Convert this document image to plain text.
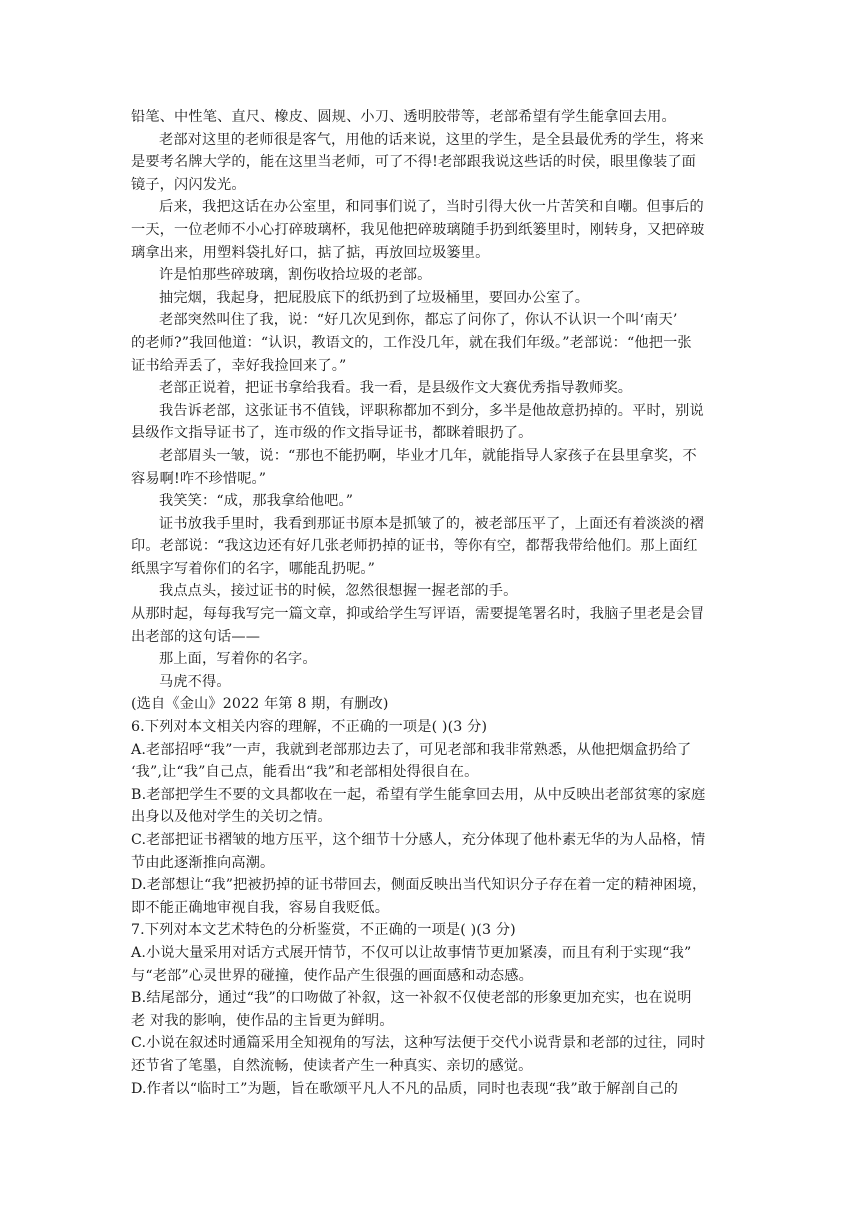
铅笔、中性笔、直尺、橡皮、圆规、小刀、透明胶带等，老部希望有学生能拿回去用。
老部对这里的老师很是客气，用他的话来说，这里的学生，是全县最优秀的学生，将来
是要考名牌大学的，能在这里当老师，可了不得!老部跟我说这些话的时侯，眼里像装了面
镜子，闪闪发光。
后来，我把这话在办公室里，和同事们说了，当时引得大伙一片苦笑和自嘲。但事后的
一天，一位老师不小心打碎玻璃杯，我见他把碎玻璃随手扔到纸篓里时，刚转身，又把碎玻
璃拿出来，用塑料袋扎好口，掂了掂，再放回垃圾篓里。
许是怕那些碎玻璃，割伤收拾垃圾的老部。
抽完烟，我起身，把屁股底下的纸扔到了垃圾桶里，要回办公室了。
老部突然叫住了我，说：“好几次见到你，都忘了问你了，你认不认识一个叫‘南天’
的老师?”我回他道：“认识，教语文的，工作没几年，就在我们年级。”老部说：“他把一张
证书给弄丢了，幸好我捡回来了。”
老部正说着，把证书拿给我看。我一看，是县级作文大赛优秀指导教师奖。
我告诉老部，这张证书不值钱，评职称都加不到分，多半是他故意扔掉的。平时，别说
县级作文指导证书了，连市级的作文指导证书，都眯着眼扔了。
老部眉头一皱，说：“那也不能扔啊，毕业才几年，就能指导人家孩子在县里拿奖，不
容易啊!咋不珍惜呢。”
我笑笑：“成，那我拿给他吧。”
证书放我手里时，我看到那证书原本是抓皱了的，被老部压平了，上面还有着淡淡的褶
印。老部说：“我这边还有好几张老师扔掉的证书，等你有空，都帮我带给他们。那上面红
纸黑字写着你们的名字，哪能乱扔呢。”
我点点头，接过证书的时候，忽然很想握一握老部的手。
从那时起，每每我写完一篇文章，抑或给学生写评语，需要提笔署名时，我脑子里老是会冒
出老部的这句话——
那上面，写着你的名字。
马虎不得。
(选自《金山》2022 年第 8 期，有删改)
6.下列对本文相关内容的理解，不正确的一项是( )(3 分)
A.老部招呼“我”一声，我就到老部那边去了，可见老部和我非常熟悉，从他把烟盒扔给了
‘我”,让“我”自己点，能看出“我”和老部相处得很自在。
B.老部把学生不要的文具都收在一起，希望有学生能拿回去用，从中反映出老部贫寒的家庭
出身以及他对学生的关切之情。
C.老部把证书褶皱的地方压平，这个细节十分感人，充分体现了他朴素无华的为人品格，情
节由此逐渐推向高潮。
D.老部想让“我”把被扔掉的证书带回去，侧面反映出当代知识分子存在着一定的精神困境，
即不能正确地审视自我，容易自我贬低。
7.下列对本文艺术特色的分析鉴赏，不正确的一项是( )(3 分)
A.小说大量采用对话方式展开情节，不仅可以让故事情节更加紧凑，而且有利于实现“我”
与“老部”心灵世界的碰撞，使作品产生很强的画面感和动态感。
B.结尾部分，通过“我”的口吻做了补叙，这一补叙不仅使老部的形象更加充实，也在说明
老 对我的影响，使作品的主旨更为鲜明。
C.小说在叙述时通篇采用全知视角的写法，这种写法便于交代小说背景和老部的过往，同时
还节省了笔墨，自然流畅，使读者产生一种真实、亲切的感觉。
D.作者以“临时工”为题，旨在歌颂平凡人不凡的品质，同时也表现“我”敢于解剖自己的
